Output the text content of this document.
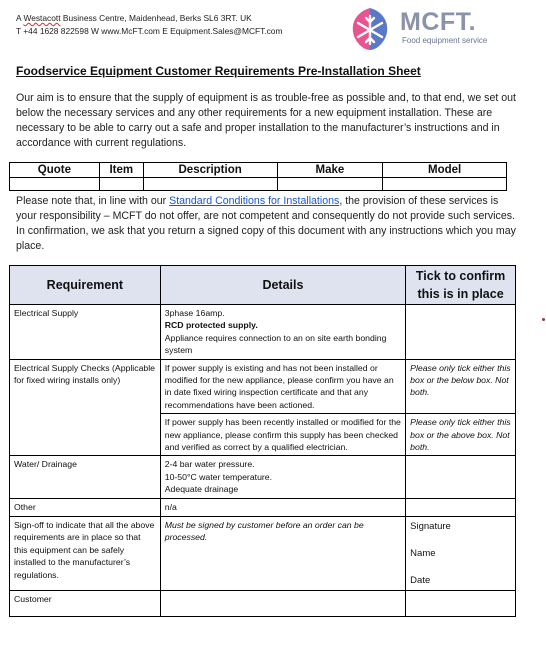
A Westacott Business Centre, Maidenhead, Berks SL6 3RT. UK
T +44 1628 822598 W www.McFT.com E Equipment.Sales@MCFT.com	MCFT.
Food equipment service
Foodservice Equipment Customer Requirements Pre-Installation Sheet
Our aim is to ensure that the supply of equipment is as trouble-free as possible and, to that end, we set out below the necessary services and any other requirements for a new equipment installation. These are necessary to be able to carry out a safe and proper installation to the manufacturer’s instructions and in accordance with current regulations.
Quote	Item	Description	Make	Model

Please note that, in line with our Standard Conditions for Installations, the provision of these services is your responsibility – MCFT do not offer, are not competent and consequently do not provide such services. In confirmation, we ask that you return a signed copy of this document with any instructions which you may place.
Requirement	Details	Tick to confirm this is in place
Electrical Supply	3phase 16amp.
RCD protected supply.
Appliance requires connection to an on site earth bonding system	

Electrical Supply Checks (Applicable for fixed wiring installs only)	If power supply is existing and has not been installed or modified for the new appliance, please confirm you have an in date fixed wiring inspection certificate and that any recommendations have been actioned.	Please only tick either this box or the below box. Not both.
	If power supply has been recently installed or modified for the new appliance, please confirm this supply has been checked and verified as correct by a qualified electrician.	Please only tick either this box or the above box. Not both.
Water/ Drainage	2-4 bar water pressure.
10-50°C water temperature.
Adequate drainage	

Other	n/a	
Sign-off to indicate that all the above requirements are in place so that this equipment can be safely installed to the manufacturer’s regulations.	Must be signed by customer before an order can be processed.	Signature
Name
Date

Customer		
